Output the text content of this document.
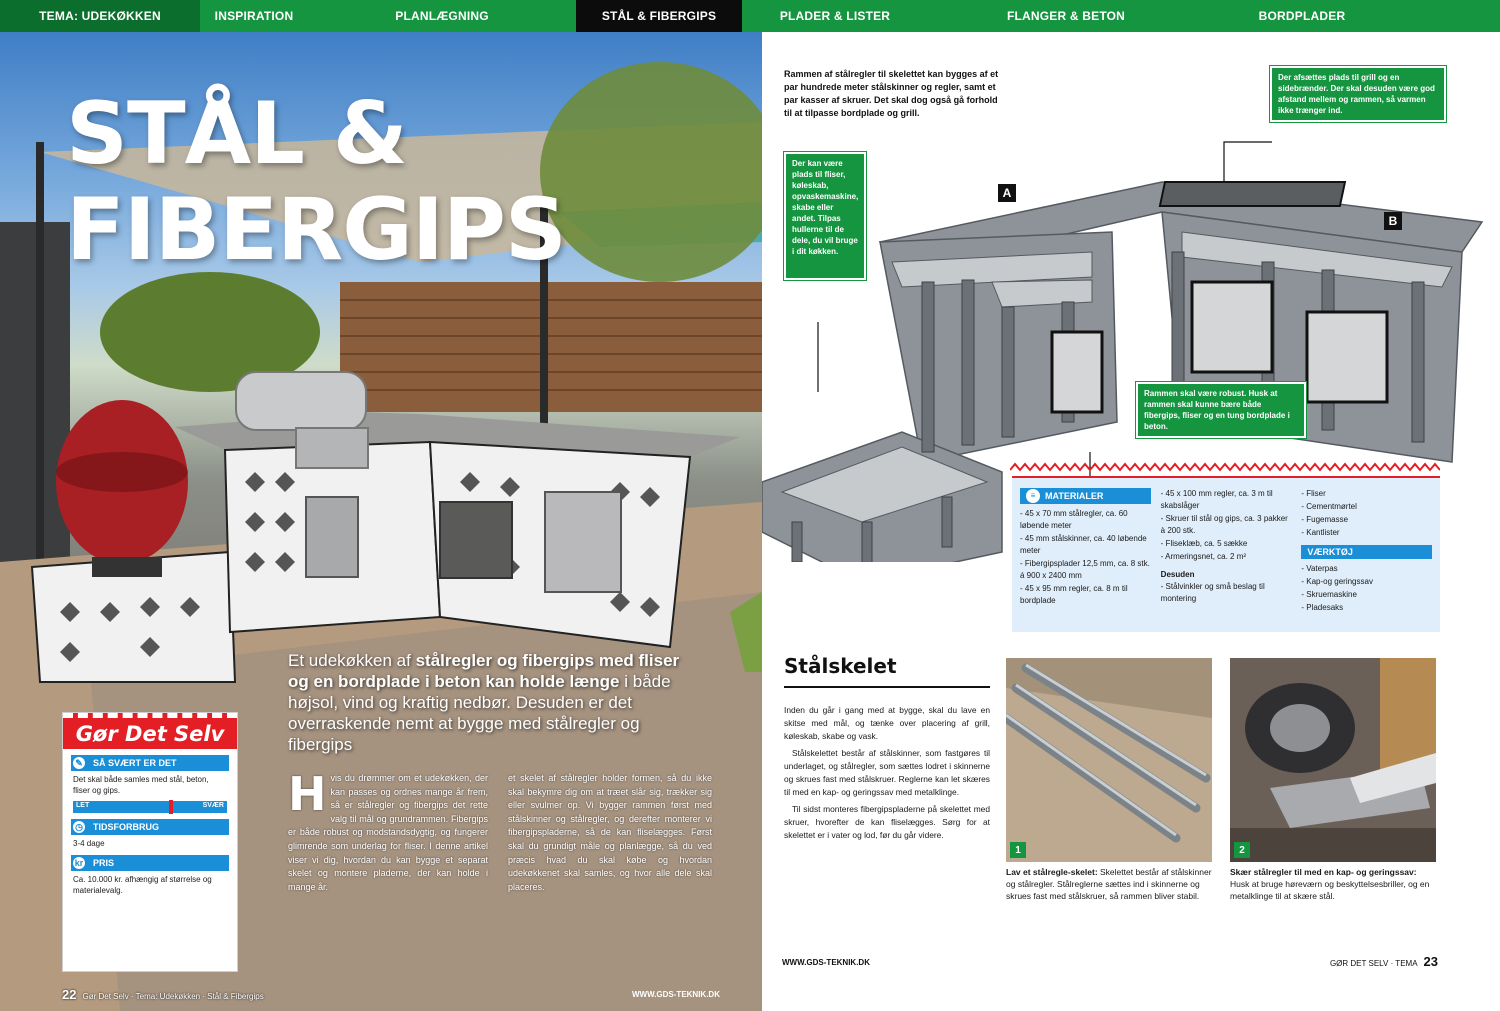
TEMA: UDEKØKKEN	INSPIRATION	PLANLÆGNING	STÅL & FIBERGIPS	PLADER & LISTER	FLANGER & BETON	BORDPLADER
STÅL &
FIBERGIPS
Et udekøkken af stålregler og fibergips med fliser og en bordplade i beton kan holde længe i både højsol, vind og kraftig nedbør. Desuden er det overraskende nemt at bygge med stålregler og fibergips
Hvis du drømmer om et udekøkken, der kan passes og ordnes mange år frem, så er stålregler og fibergips det rette valg til mål og grundrammen. Fibergips er både robust og modstandsdygtig, og fungerer glimrende som underlag for fliser. I denne artikel viser vi dig, hvordan du kan bygge et separat skelet og montere pladerne, der kan holde i mange år.
et skelet af stålregler holder formen, så du ikke skal bekymre dig om at træet slår sig, trækker sig eller svulmer op. Vi bygger rammen først med stålskinner og stålregler, og derefter monterer vi fibergipspladerne, så de kan fliselægges. Først skal du grundigt måle og planlægge, så du ved præcis hvad du skal købe og hvordan udekøkkenet skal samles, og hvor alle dele skal placeres.
Gør Det Selv
✎	SÅ SVÆRT ER DET
Det skal både samles med stål, beton, fliser og gips.
LET	SVÆR
◷	TIDSFORBRUG
3-4 dage
kr	PRIS
Ca. 10.000 kr. afhængig af størrelse og materialevalg.
22 Gør Det Selv · Tema: Udekøkken · Stål & Fibergips	WWW.GDS-TEKNIK.DK
Rammen af stålregler til skelettet kan bygges af et par hundrede meter stålskinner og regler, samt et par kasser af skruer. Det skal dog også gå forhold til at tilpasse bordplade og grill.
A
B
Der afsættes plads til grill og en sidebrænder. Der skal desuden være god afstand mellem og rammen, så varmen ikke trænger ind.
Der kan være plads til fliser, køleskab, opvaskemaskine, skabe eller andet. Tilpas hullerne til de dele, du vil bruge i dit køkken.
Rammen skal være robust. Husk at rammen skal kunne bære både fibergips, fliser og en tung bordplade i beton.
≡	MATERIALER
- 45 x 70 mm stålregler, ca. 60 løbende meter
- 45 mm stålskinner, ca. 40 løbende meter
- Fibergipsplader 12,5 mm, ca. 8 stk. á 900 x 2400 mm
- 45 x 95 mm regler, ca. 8 m til bordplade
- 45 x 100 mm regler, ca. 3 m til skabslåger
- Skruer til stål og gips, ca. 3 pakker à 200 stk.
- Fliseklæb, ca. 5 sække
- Armeringsnet, ca. 2 m²
Desuden
- Stålvinkler og små beslag til montering
- Fliser
- Cementmørtel
- Fugemasse
- Kantlister
VÆRKTØJ
- Vaterpas
- Kap-og geringssav
- Skruemaskine
- Pladesaks
Stålskelet

Inden du går i gang med at bygge, skal du lave en skitse med mål, og tænke over placering af grill, køleskab, skabe og vask.

Stålskelettet består af stålskinner, som fastgøres til underlaget, og stålregler, som sættes lodret i skinnerne og skrues fast med stålskruer. Reglerne kan let skæres til med en kap- og geringssav med metalklinge.

Til sidst monteres fibergipspladerne på skelettet med skruer, hvorefter de kan fliselægges. Sørg for at skelettet er i vater og lod, før du går videre.

1
Lav et stålregle-skelet: Skelettet består af stålskinner og stålregler. Stålreglerne sættes ind i skinnerne og skrues fast med stålskruer, så rammen bliver stabil.
2
Skær stålregler til med en kap- og geringssav: Husk at bruge høreværn og beskyttelsesbriller, og en metalklinge til at skære stål.
WWW.GDS-TEKNIK.DK	GØR DET SELV · TEMA 23
